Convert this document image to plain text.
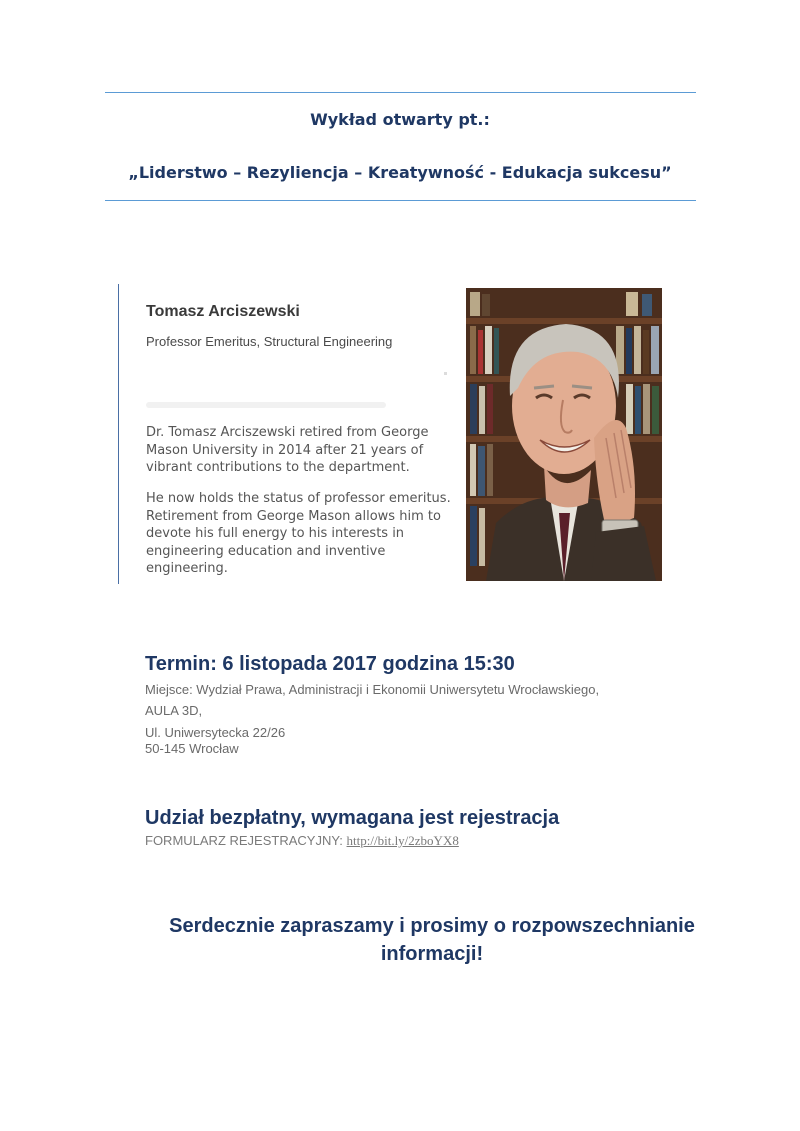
Wykład otwarty pt.:
„Liderstwo – Rezyliencja – Kreatywność - Edukacja sukcesu”
Tomasz Arciszewski
Professor Emeritus, Structural Engineering

Dr. Tomasz Arciszewski retired from George Mason University in 2014 after 21 years of vibrant contributions to the department.

He now holds the status of professor emeritus. Retirement from George Mason allows him to devote his full energy to his interests in engineering education and inventive engineering.

Termin: 6 listopada 2017 godzina 15:30
Miejsce: Wydział Prawa, Administracji i Ekonomii Uniwersytetu Wrocławskiego,
AULA 3D,
Ul. Uniwersytecka 22/26
50-145 Wrocław
Udział bezpłatny, wymagana jest rejestracja
FORMULARZ REJESTRACYJNY: http://bit.ly/2zboYX8
Serdecznie zapraszamy i prosimy o rozpowszechnianie
informacji!
